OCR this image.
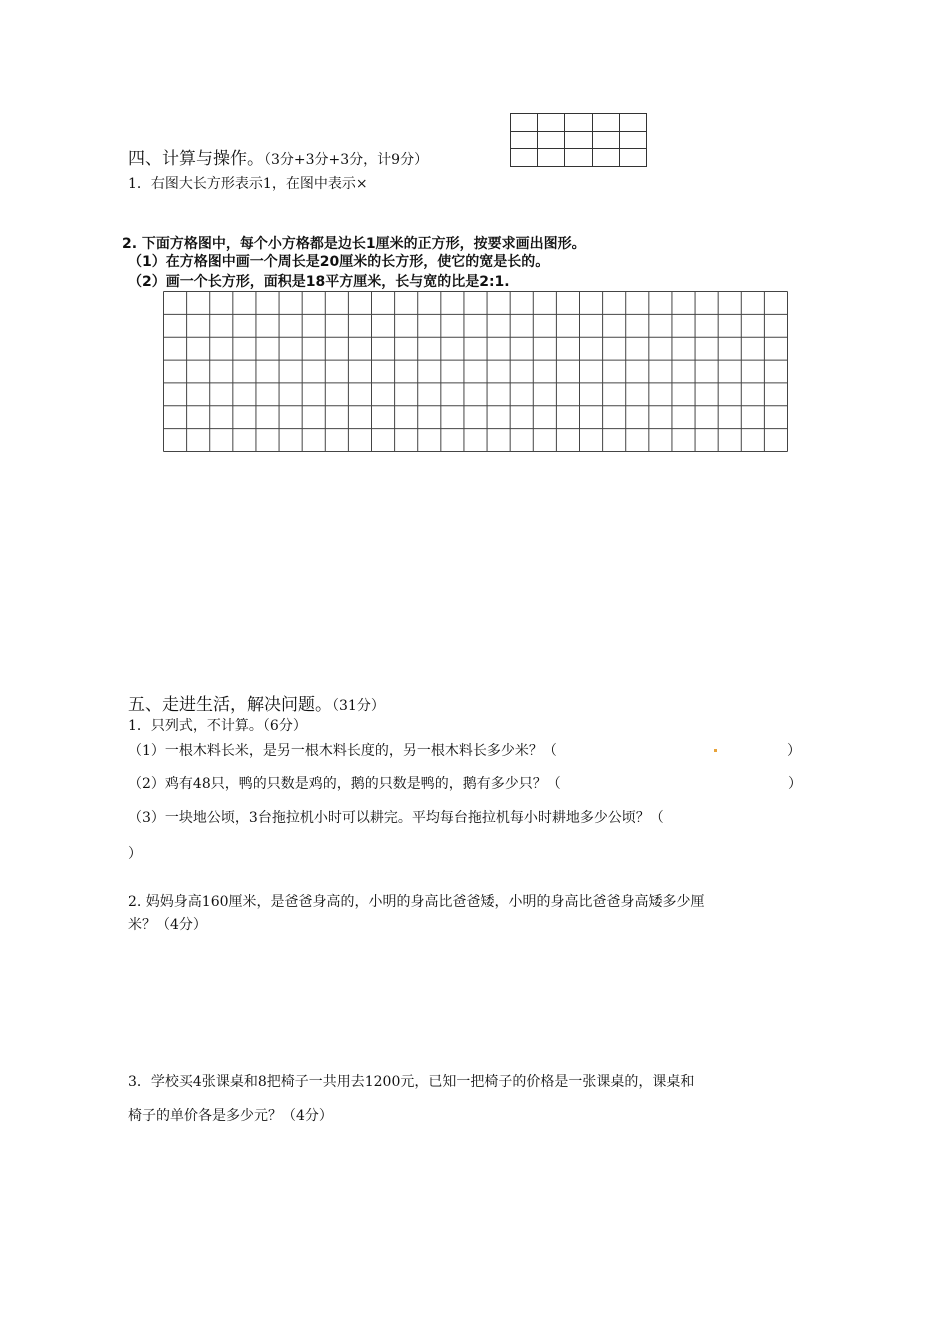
四、计算与操作。（3分+3分+3分，计9分）
1．右图大长方形表示1，在图中表示×
2. 下面方格图中，每个小方格都是边长1厘米的正方形，按要求画出图形。
（1）在方格图中画一个周长是20厘米的长方形，使它的宽是长的。
（2）画一个长方形，面积是18平方厘米，长与宽的比是2:1.
五、走进生活，解决问题。（31分）
1．只列式，不计算。（6分）
（1）一根木料长米，是另一根木料长度的，另一根木料长多少米？（	）
（2）鸡有48只，鸭的只数是鸡的，鹅的只数是鸭的，鹅有多少只？（	）
（3）一块地公顷，3台拖拉机小时可以耕完。平均每台拖拉机每小时耕地多少公顷？（
）
2. 妈妈身高160厘米，是爸爸身高的，小明的身高比爸爸矮，小明的身高比爸爸身高矮多少厘
米？（4分）
3．学校买4张课桌和8把椅子一共用去1200元，已知一把椅子的价格是一张课桌的，课桌和
椅子的单价各是多少元？（4分）
